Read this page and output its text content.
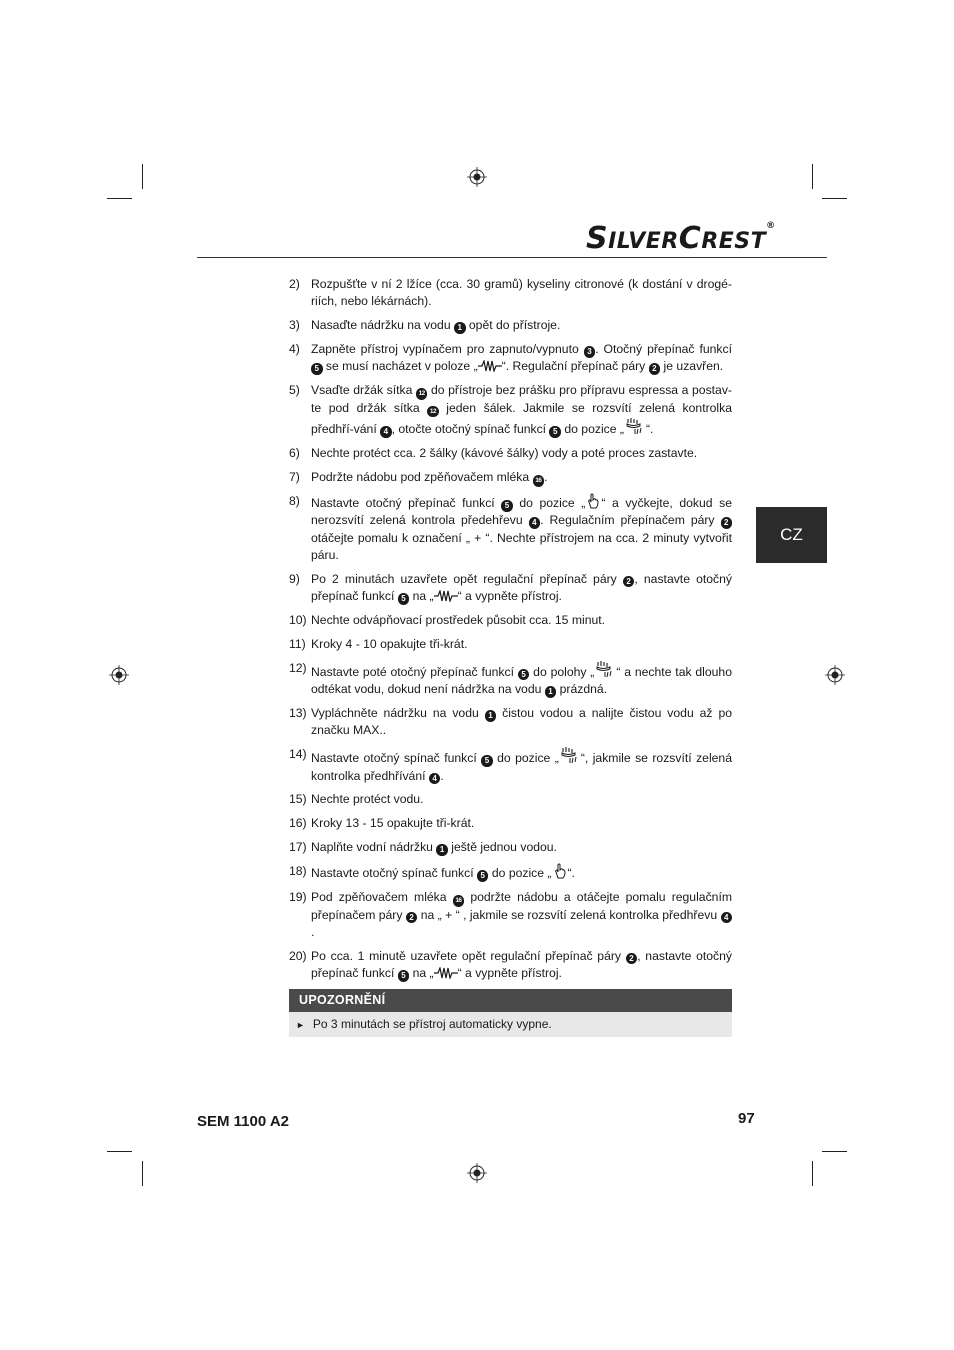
SILVERCREST®
CZ
2) Rozpušťte v ní 2 lžíce (cca. 30 gramů) kyseliny citronové (k dostání v drogé-riích, nebo lékárnách).
3) Nasaďte nádržku na vodu 1 opět do přístroje.
4) Zapněte přístroj vypínačem pro zapnuto/vypnuto 3 . Otočný přepínač funkcí 5 se musí nacházet v poloze „ “. Regulační přepínač páry 2 je uzavřen.
5) Vsaďte držák sítka 12 do přístroje bez prášku pro přípravu espressa a postav-te pod držák sítka 12 jeden šálek. Jakmile se rozsvítí zelená kontrolka předhří-vání 4 , otočte otočný spínač funkcí 5 do pozice „ “.
6) Nechte protéct cca. 2 šálky (kávové šálky) vody a poté proces zastavte.
7) Podržte nádobu pod zpěňovačem mléka 16 .
8) Nastavte otočný přepínač funkcí 5 do pozice „ “ a vyčkejte, dokud se nerozsvítí zelená kontrola předehřevu 4 . Regulačním přepínačem páry 2 otáčejte pomalu k označení „ + “. Nechte přístrojem na cca. 2 minuty vytvořit páru.
9) Po 2 minutách uzavřete opět regulační přepínač páry 2 , nastavte otočný přepínač funkcí 5 na „ “ a vypněte přístroj.
10) Nechte odvápňovací prostředek působit cca. 15 minut.
11) Kroky 4 - 10 opakujte tři-krát.
12) Nastavte poté otočný přepínač funkcí 5 do polohy „ “ a nechte tak dlouho odtékat vodu, dokud není nádržka na vodu 1 prázdná.
13) Vypláchněte nádržku na vodu 1 čistou vodou a nalijte čistou vodu až po značku MAX..
14) Nastavte otočný spínač funkcí 5 do pozice „ “, jakmile se rozsvítí zelená kontrolka předhřívání 4 .
15) Nechte protéct vodu.
16) Kroky 13 - 15 opakujte tři-krát.
17) Naplňte vodní nádržku 1 ještě jednou vodou.
18) Nastavte otočný spínač funkcí 5 do pozice „ “.
19) Pod zpěňovačem mléka 16 podržte nádobu a otáčejte pomalu regulačním přepínačem páry 2 na „ + “ , jakmile se rozsvítí zelená kontrolka předhřevu 4.
20) Po cca. 1 minutě uzavřete opět regulační přepínač páry 2 , nastavte otočný přepínač funkcí 5 na „ “ a vypněte přístroj.
UPOZORNĚNÍ
► Po 3 minutách se přístroj automaticky vypne.
SEM 1100 A2	97
